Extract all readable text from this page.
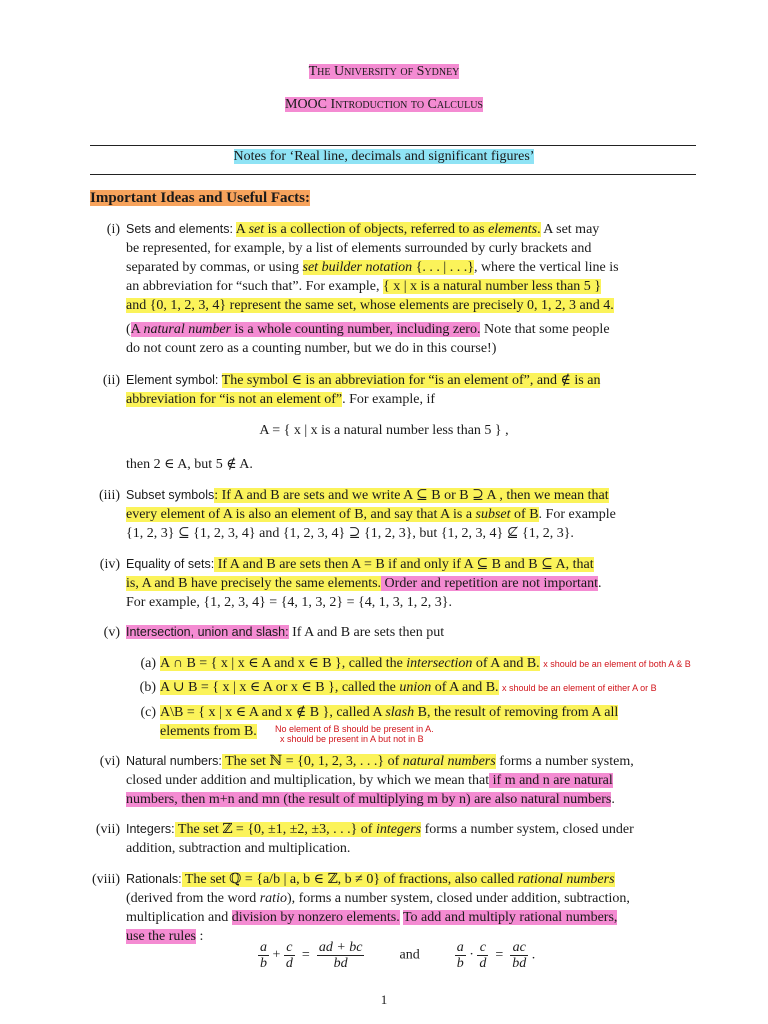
The University of Sydney
MOOC Introduction to Calculus
Notes for ‘Real line, decimals and significant figures’
Important Ideas and Useful Facts:
(i) Sets and elements: A set is a collection of objects, referred to as elements. A set may
be represented, for example, by a list of elements surrounded by curly brackets and
separated by commas, or using set builder notation {. . . | . . .}, where the vertical line is
an abbreviation for “such that”. For example, { x | x is a natural number less than 5 }
and {0, 1, 2, 3, 4} represent the same set, whose elements are precisely 0, 1, 2, 3 and 4.
(A natural number is a whole counting number, including zero. Note that some people
do not count zero as a counting number, but we do in this course!)
(ii) Element symbol: The symbol ∈ is an abbreviation for “is an element of”, and ∉ is an
abbreviation for “is not an element of”. For example, if
A = { x | x is a natural number less than 5 } ,
then 2 ∈ A, but 5 ∉ A.
(iii) Subset symbols: If A and B are sets and we write A ⊆ B or B ⊇ A , then we mean that
every element of A is also an element of B, and say that A is a subset of B. For example
{1, 2, 3} ⊆ {1, 2, 3, 4} and {1, 2, 3, 4} ⊇ {1, 2, 3}, but {1, 2, 3, 4} ⊈ {1, 2, 3}.
(iv) Equality of sets: If A and B are sets then A = B if and only if A ⊆ B and B ⊆ A, that
is, A and B have precisely the same elements. Order and repetition are not important.
For example, {1, 2, 3, 4} = {4, 1, 3, 2} = {4, 1, 3, 1, 2, 3}.
(v) Intersection, union and slash: If A and B are sets then put
(a) A ∩ B = { x | x ∈ A and x ∈ B }, called the intersection of A and B. x should be an element of both A & B
(b) A ∪ B = { x | x ∈ A or x ∈ B }, called the union of A and B. x should be an element of either A or B
(c) A\B = { x | x ∈ A and x ∉ B }, called A slash B, the result of removing from A all
elements from B.	No element of B should be present in A.
x should be present in A but not in B
(vi) Natural numbers: The set ℕ = {0, 1, 2, 3, . . .} of natural numbers forms a number system,
closed under addition and multiplication, by which we mean that if m and n are natural
numbers, then m+n and mn (the result of multiplying m by n) are also natural numbers.
(vii) Integers: The set ℤ = {0, ±1, ±2, ±3, . . .} of integers forms a number system, closed under
addition, subtraction and multiplication.
(viii) Rationals: The set ℚ = {a/b | a, b ∈ ℤ, b ≠ 0} of fractions, also called rational numbers
(derived from the word ratio), forms a number system, closed under addition, subtraction,
multiplication and division by nonzero elements. To add and multiply rational numbers,
use the rules :
$\frac{a}{b} + \frac{c}{d} = \frac{ad + bc}{bd}$	and	$\frac{a}{b} \cdot \frac{c}{d} = \frac{ac}{bd}$ .
1
